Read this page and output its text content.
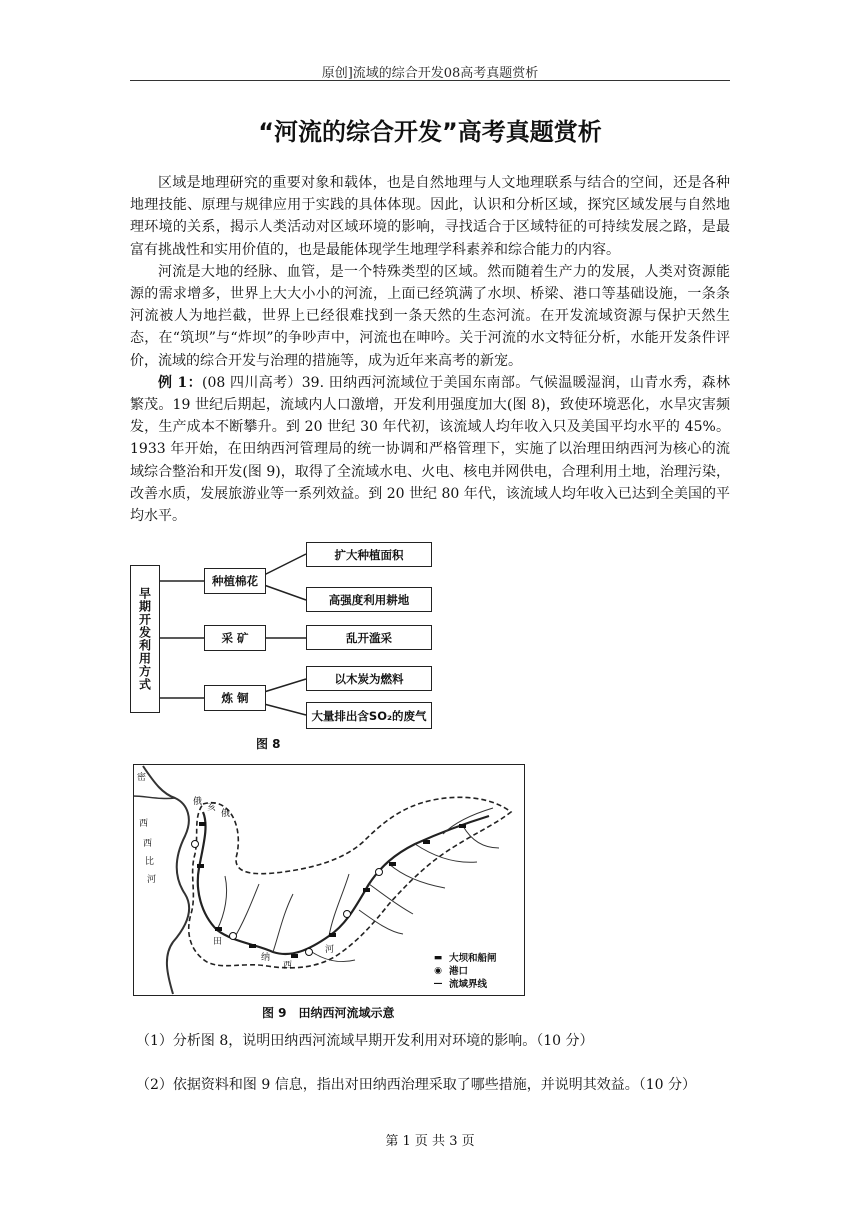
原创]流域的综合开发08高考真题赏析
“河流的综合开发”高考真题赏析

区域是地理研究的重要对象和载体，也是自然地理与人文地理联系与结合的空间，还是各种地理技能、原理与规律应用于实践的具体体现。因此，认识和分析区域，探究区域发展与自然地理环境的关系，揭示人类活动对区域环境的影响，寻找适合于区域特征的可持续发展之路，是最富有挑战性和实用价值的，也是最能体现学生地理学科素养和综合能力的内容。

河流是大地的经脉、血管，是一个特殊类型的区域。然而随着生产力的发展，人类对资源能源的需求增多，世界上大大小小的河流，上面已经筑满了水坝、桥梁、港口等基础设施，一条条河流被人为地拦截，世界上已经很难找到一条天然的生态河流。在开发流域资源与保护天然生态，在“筑坝”与“炸坝”的争吵声中，河流也在呻吟。关于河流的水文特征分析，水能开发条件评价，流域的综合开发与治理的措施等，成为近年来高考的新宠。

例 1：(08 四川高考）39. 田纳西河流域位于美国东南部。气候温暖湿润，山青水秀，森林繁茂。19 世纪后期起，流域内人口激增，开发利用强度加大(图 8)，致使环境恶化，水旱灾害频发，生产成本不断攀升。到 20 世纪 30 年代初，该流域人均年收入只及美国平均水平的 45%。1933 年开始，在田纳西河管理局的统一协调和严格管理下，实施了以治理田纳西河为核心的流域综合整治和开发(图 9)，取得了全流域水电、火电、核电并网供电，合理利用土地，治理污染，改善水质，发展旅游业等一系列效益。到 20 世纪 80 年代，该流域人均年收入已达到全美国的平均水平。

早期开发利用方式
种植棉花
采 矿
炼 铜
扩大种植面积
高强度利用耕地
乱开滥采
以木炭为燃料
大量排出含SO₂的废气
图 8
密
西
西
比
河
田
纳
西
河
俄
亥
俄
▬ 大坝和船闸
◉ 港口
— 流域界线
图 9　田纳西河流域示意
（1）分析图 8，说明田纳西河流域早期开发利用对环境的影响。（10 分）
（2）依据资料和图 9 信息，指出对田纳西治理采取了哪些措施，并说明其效益。（10 分）
第 1 页 共 3 页
